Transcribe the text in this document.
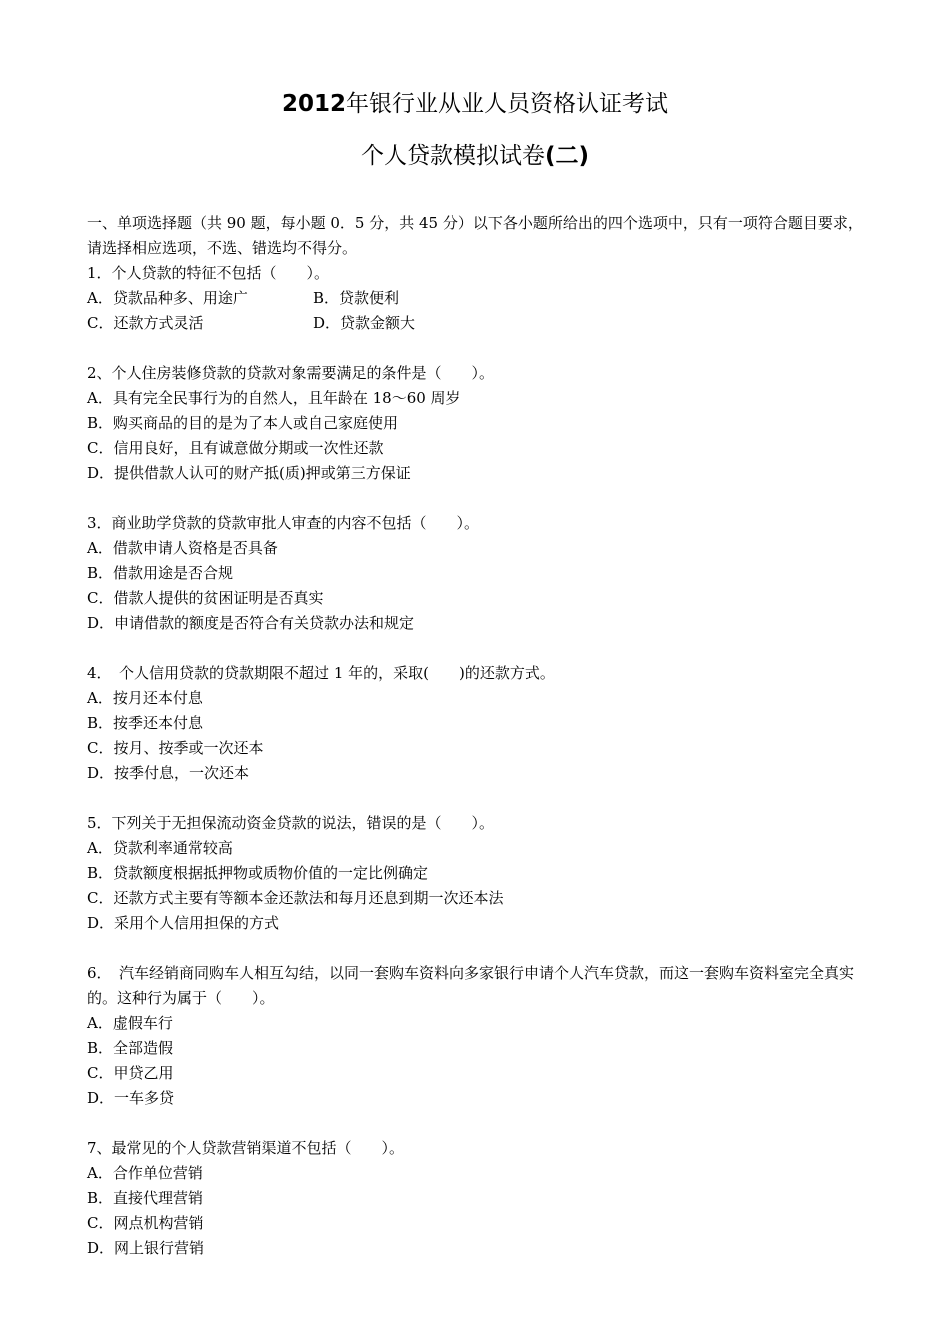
2012年银行业从业人员资格认证考试
个人贷款模拟试卷(二)
一、单项选择题（共 90 题，每小题 0．5 分，共 45 分）以下各小题所给出的四个选项中，只有一项符合题目要求，请选择相应选项，不选、错选均不得分。
1．个人贷款的特征不包括（　　）。
A．贷款品种多、用途广	B．贷款便利
C．还款方式灵活	D．贷款金额大
2、个人住房装修贷款的贷款对象需要满足的条件是（　　）。
A．具有完全民事行为的自然人，且年龄在 18～60 周岁
B．购买商品的目的是为了本人或自己家庭使用
C．信用良好，且有诚意做分期或一次性还款
D．提供借款人认可的财产抵(质)押或第三方保证
3．商业助学贷款的贷款审批人审查的内容不包括（　　）。
A．借款申请人资格是否具备
B．借款用途是否合规
C．借款人提供的贫困证明是否真实
D．申请借款的额度是否符合有关贷款办法和规定
4．　个人信用贷款的贷款期限不超过 1 年的，采取(　　)的还款方式。
A．按月还本付息
B．按季还本付息
C．按月、按季或一次还本
D．按季付息，一次还本
5．下列关于无担保流动资金贷款的说法，错误的是（　　）。
A．贷款利率通常较高
B．贷款额度根据抵押物或质物价值的一定比例确定
C．还款方式主要有等额本金还款法和每月还息到期一次还本法
D．采用个人信用担保的方式
6．　汽车经销商同购车人相互勾结，以同一套购车资料向多家银行申请个人汽车贷款，而这一套购车资料室完全真实的。这种行为属于（　　）。
A．虚假车行
B．全部造假
C．甲贷乙用
D．一车多贷
7、最常见的个人贷款营销渠道不包括（　　）。
A．合作单位营销
B．直接代理营销
C．网点机构营销
D．网上银行营销
